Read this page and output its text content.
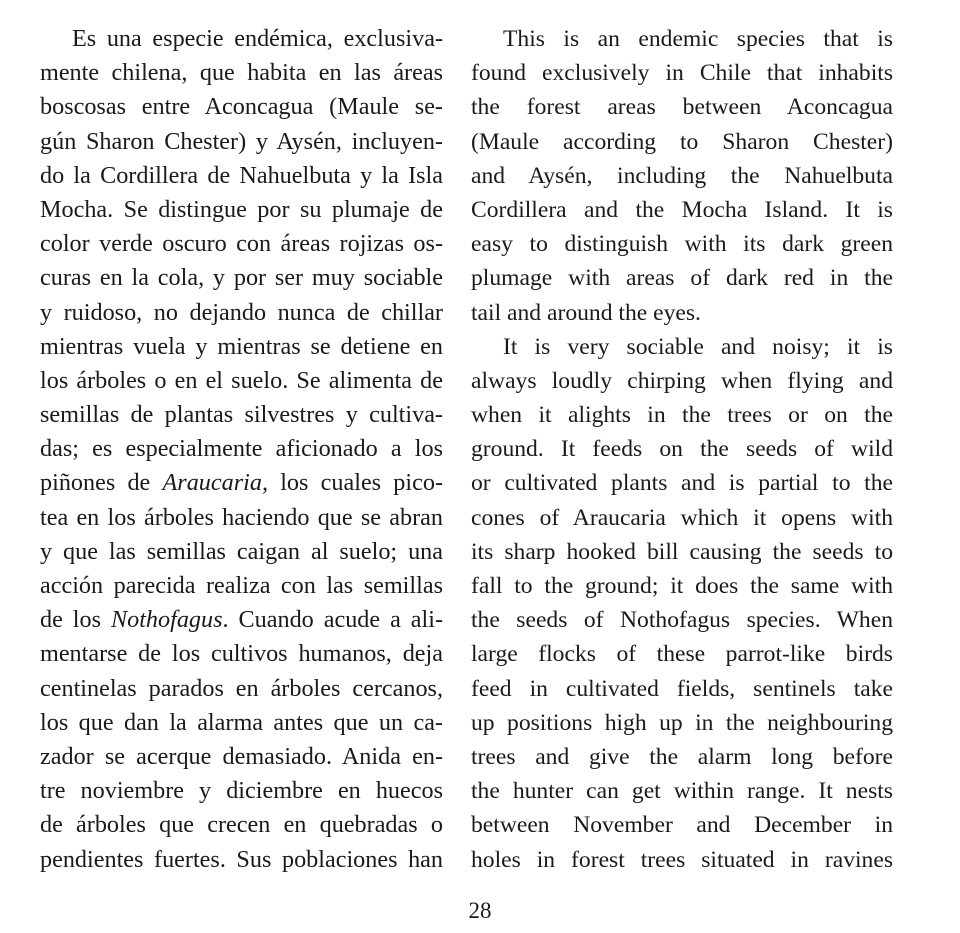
Es una especie endémica, exclusiva-
mente chilena, que habita en las áreas
boscosas entre Aconcagua (Maule se-
gún Sharon Chester) y Aysén, incluyen-
do la Cordillera de Nahuelbuta y la Isla
Mocha. Se distingue por su plumaje de
color verde oscuro con áreas rojizas os-
curas en la cola, y por ser muy sociable
y ruidoso, no dejando nunca de chillar
mientras vuela y mientras se detiene en
los árboles o en el suelo. Se alimenta de
semillas de plantas silvestres y cultiva-
das; es especialmente aficionado a los
piñones de Araucaria, los cuales pico-
tea en los árboles haciendo que se abran
y que las semillas caigan al suelo; una
acción parecida realiza con las semillas
de los Nothofagus. Cuando acude a ali-
mentarse de los cultivos humanos, deja
centinelas parados en árboles cercanos,
los que dan la alarma antes que un ca-
zador se acerque demasiado. Anida en-
tre noviembre y diciembre en huecos
de árboles que crecen en quebradas o
pendientes fuertes. Sus poblaciones han
This is an endemic species that is
found exclusively in Chile that inhabits
the forest areas between Aconcagua
(Maule according to Sharon Chester)
and Aysén, including the Nahuelbuta
Cordillera and the Mocha Island. It is
easy to distinguish with its dark green
plumage with areas of dark red in the
tail and around the eyes.
It is very sociable and noisy; it is
always loudly chirping when flying and
when it alights in the trees or on the
ground. It feeds on the seeds of wild
or cultivated plants and is partial to the
cones of Araucaria which it opens with
its sharp hooked bill causing the seeds to
fall to the ground; it does the same with
the seeds of Nothofagus species. When
large flocks of these parrot-like birds
feed in cultivated fields, sentinels take
up positions high up in the neighbouring
trees and give the alarm long before
the hunter can get within range. It nests
between November and December in
holes in forest trees situated in ravines
28
